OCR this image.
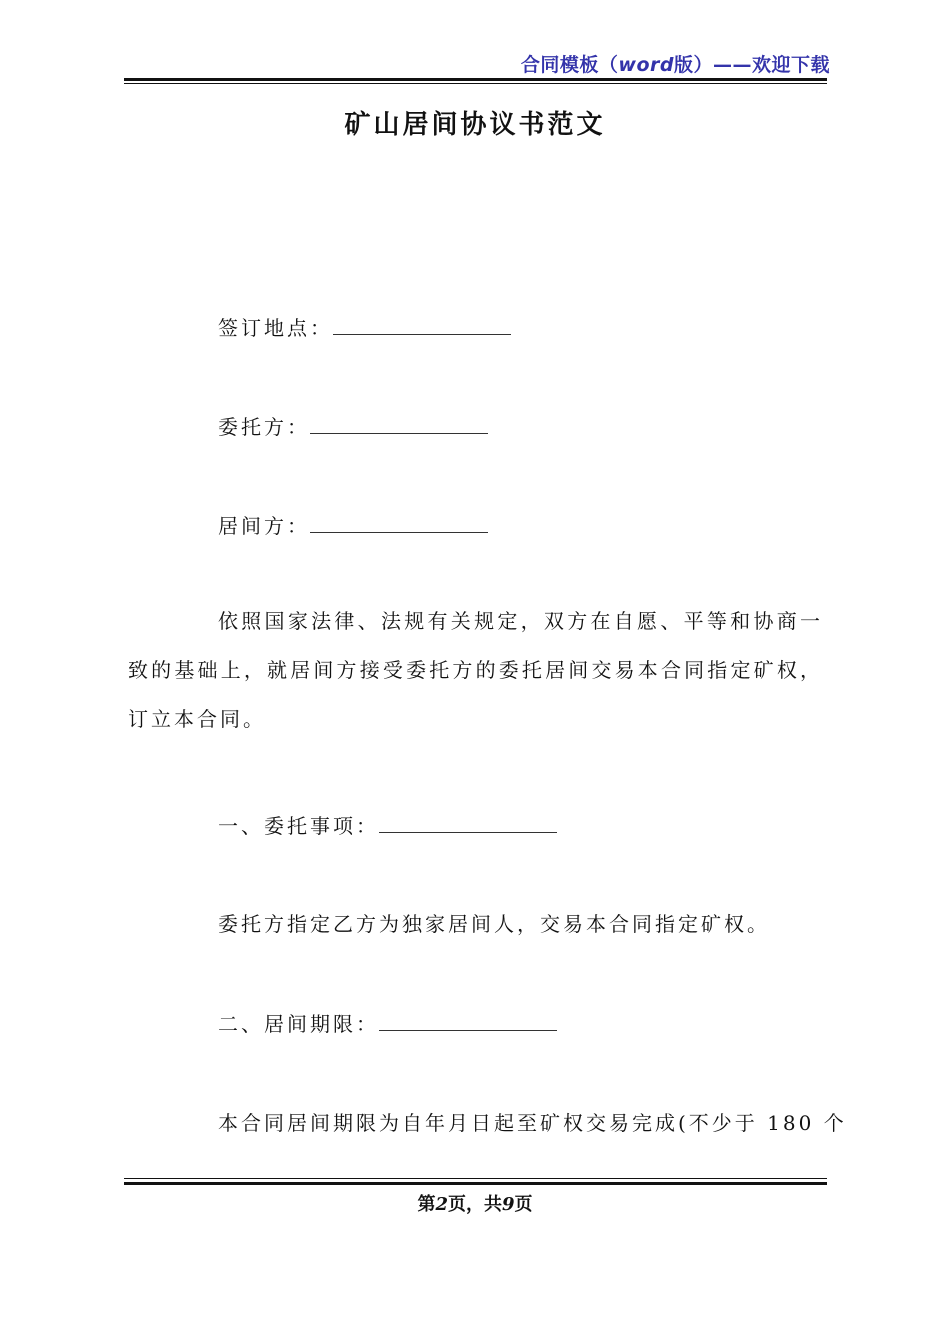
合同模板（word版）——欢迎下载
矿山居间协议书范文
签订地点：
委托方：
居间方：
依照国家法律、法规有关规定，双方在自愿、平等和协商一致的基础上，就居间方接受委托方的委托居间交易本合同指定矿权，订立本合同。
一、委托事项：
委托方指定乙方为独家居间人，交易本合同指定矿权。
二、居间期限：
本合同居间期限为自年月日起至矿权交易完成(不少于 180 个
第2页，共9页
